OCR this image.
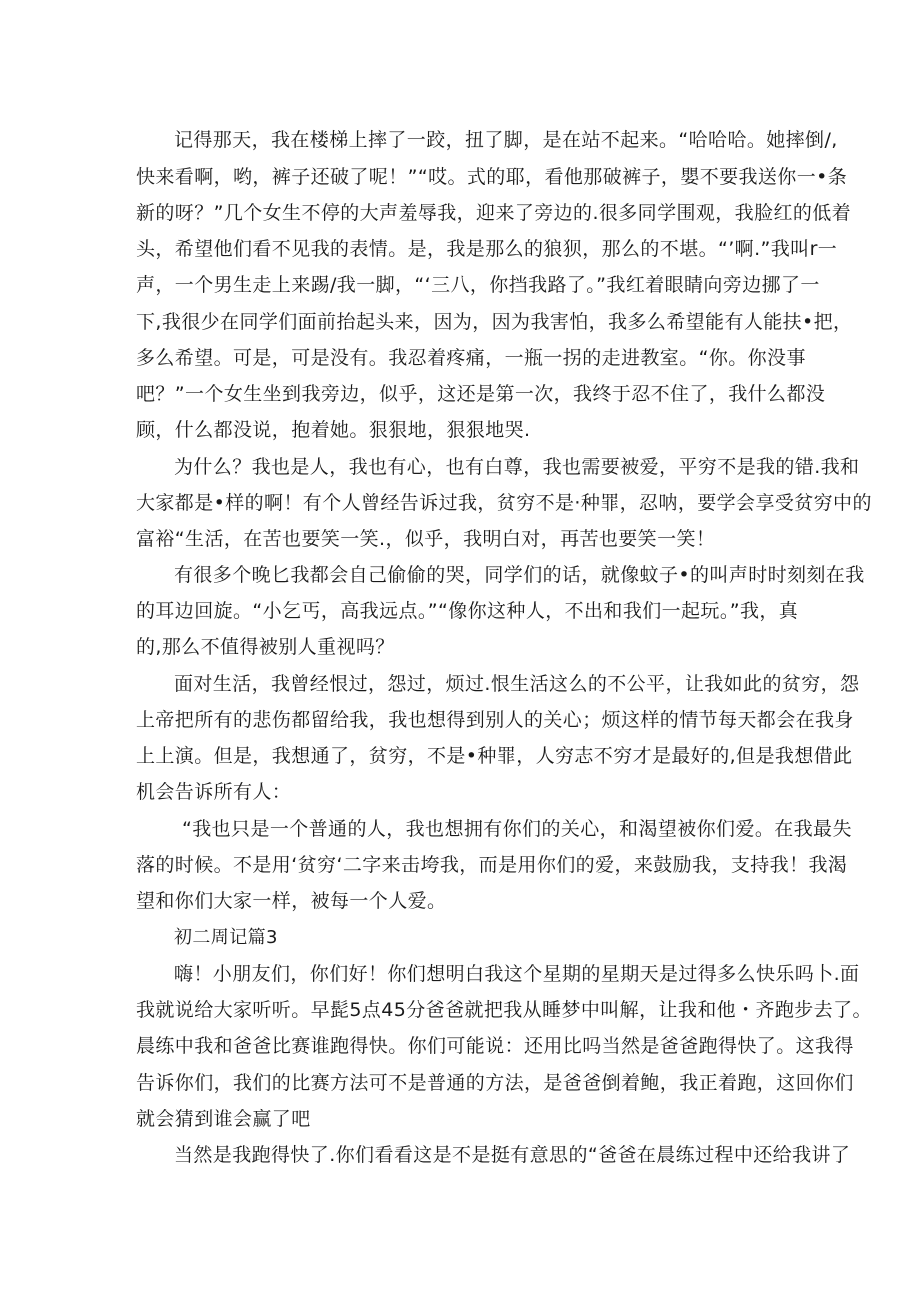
记得那天，我在楼梯上摔了一跤，扭了脚，是在站不起来。“哈哈哈。她摔倒/,

快来看啊，哟，裤子还破了呢！”“哎。式的耶，看他那破裤子，嬰不要我送你一•条

新的呀？”几个女生不停的大声羞辱我，迎来了旁边的.很多同学围观，我脸红的低着

头，希望他们看不见我的表情。是，我是那么的狼狈，那么的不堪。“’啊.”我叫r一

声，一个男生走上来踢/我一脚，“‘三八，你挡我路了。”我红着眼睛向旁边挪了一

下,我很少在同学们面前抬起头来，因为，因为我害怕，我多么希望能有人能扶•把，

多么希望。可是，可是没有。我忍着疼痛，一瓶一拐的走进教室。“你。你没事

吧？”一个女生坐到我旁边，似乎，这还是第一次，我终于忍不住了，我什么都没

顾，什么都没说，抱着她。狠狠地，狠狠地哭.

为什么？我也是人，我也有心，也有白尊，我也需要被爱，平穷不是我的错.我和

大家都是•样的啊！有个人曾经告诉过我，贫穷不是·种罪，忍呐，要学会享受贫穷中的

富裕“生活，在苦也要笑一笑.，似乎，我明白对，再苦也要笑一笑！

有很多个晚匕我都会自己偷偷的哭，同学们的话，就像蚊子•的叫声时时刻刻在我

的耳边回旋。“小乞丐，高我远点。”“像你这种人，不出和我们一起玩。”我，真

的,那么不值得被别人重视吗？

面对生活，我曾经恨过，怨过，烦过.恨生活这么的不公平，让我如此的贫穷，怨

上帝把所有的悲伤都留给我，我也想得到别人的关心；烦这样的情节每天都会在我身

上上演。但是，我想通了，贫穷，不是•种罪，人穷志不穷才是最好的,但是我想借此

机会告诉所有人：

“我也只是一个普通的人，我也想拥有你们的关心，和渴望被你们爱。在我最失

落的时候。不是用‘贫穷‘二字来击垮我，而是用你们的爱，来鼓励我，支持我！我渴

望和你们大家一样，被每一个人爱。

初二周记篇3

嗨！小朋友们，你们好！你们想明白我这个星期的星期天是过得多么快乐吗卜.面

我就说给大家听听。早髭5点45分爸爸就把我从睡梦中叫解，让我和他・齐跑步去了。

晨练中我和爸爸比赛谁跑得快。你们可能说：还用比吗当然是爸爸跑得快了。这我得

告诉你们，我们的比赛方法可不是普通的方法，是爸爸倒着鲍，我正着跑，这回你们

就会猜到谁会赢了吧

当然是我跑得快了.你们看看这是不是挺有意思的“爸爸在晨练过程中还给我讲了
